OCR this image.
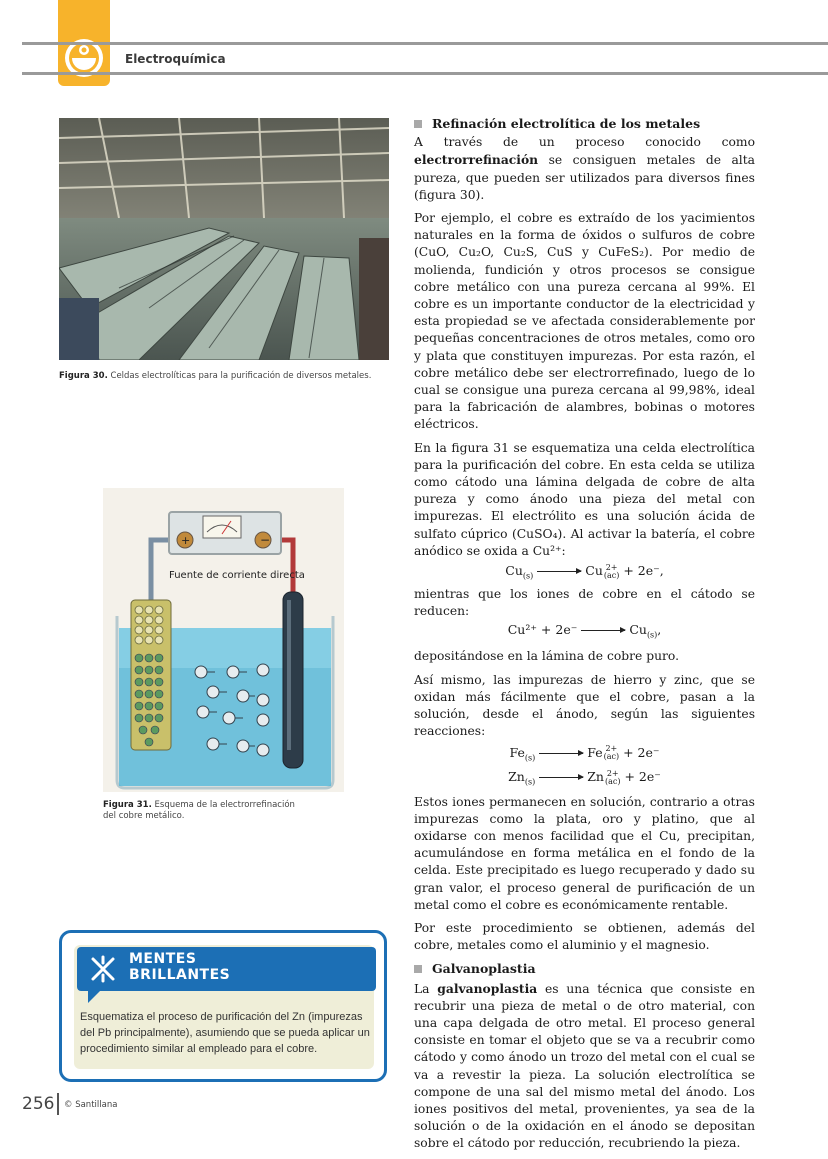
Electroquímica
Figura 30. Celdas electrolíticas para la purificación de diversos metales.
+	−
Fuente de corriente directa
Figura 31. Esquema de la electrorrefinación
del cobre metálico.
Refinación electrolítica de los metales

A través de un proceso conocido como electrorrefinación se consiguen metales de alta pureza, que pueden ser utilizados para diversos fines (figura 30).

Por ejemplo, el cobre es extraído de los yacimientos naturales en la forma de óxidos o sulfuros de cobre (CuO, Cu₂O, Cu₂S, CuS y CuFeS₂). Por medio de molienda, fundición y otros procesos se consigue cobre metálico con una pureza cercana al 99%. El cobre es un importante conductor de la electricidad y esta propiedad se ve afectada considerablemente por pequeñas concentraciones de otros metales, como oro y plata que constituyen impurezas. Por esta razón, el cobre metálico debe ser electrorrefinado, luego de lo cual se consigue una pureza cercana al 99,98%, ideal para la fabricación de alambres, bobinas o motores eléctricos.

En la figura 31 se esquematiza una celda electrolítica para la purificación del cobre. En esta celda se utiliza como cátodo una lámina delgada de cobre de alta pureza y como ánodo una pieza del metal con impurezas. El electrólito es una solución ácida de sulfato cúprico (CuSO₄). Al activar la batería, el cobre anódico se oxida a Cu²⁺:

$Cu_{(s)}$	Cu 2+
(ac) + 2e⁻,

mientras que los iones de cobre en el cátodo se reducen:

Cu²⁺ + 2e⁻	$Cu_{(s)}$,

depositándose en la lámina de cobre puro.

Así mismo, las impurezas de hierro y zinc, que se oxidan más fácilmente que el cobre, pasan a la solución, desde el ánodo, según las siguientes reacciones:

$Fe_{(s)}$	Fe 2+
(ac) + 2e⁻
$Zn_{(s)}$	Zn 2+
(ac) + 2e⁻

Estos iones permanecen en solución, contrario a otras impurezas como la plata, oro y platino, que al oxidarse con menos facilidad que el Cu, precipitan, acumulándose en forma metálica en el fondo de la celda. Este precipitado es luego recuperado y dado su gran valor, el proceso general de purificación de un metal como el cobre es económicamente rentable.

Por este procedimiento se obtienen, además del cobre, metales como el aluminio y el magnesio.

Galvanoplastia

La galvanoplastia es una técnica que consiste en recubrir una pieza de metal o de otro material, con una capa delgada de otro metal. El proceso general consiste en tomar el objeto que se va a recubrir como cátodo y como ánodo un trozo del metal con el cual se va a revestir la pieza. La solución electrolítica se compone de una sal del mismo metal del ánodo. Los iones positivos del metal, provenientes, ya sea de la solución o de la oxidación en el ánodo se depositan sobre el cátodo por reducción, recubriendo la pieza.

MENTES
BRILLANTES
Esquematiza el proceso de purificación del Zn (impurezas del Pb principalmente), asumiendo que se pueda aplicar un procedimiento similar al empleado para el cobre.
256 © Santillana
